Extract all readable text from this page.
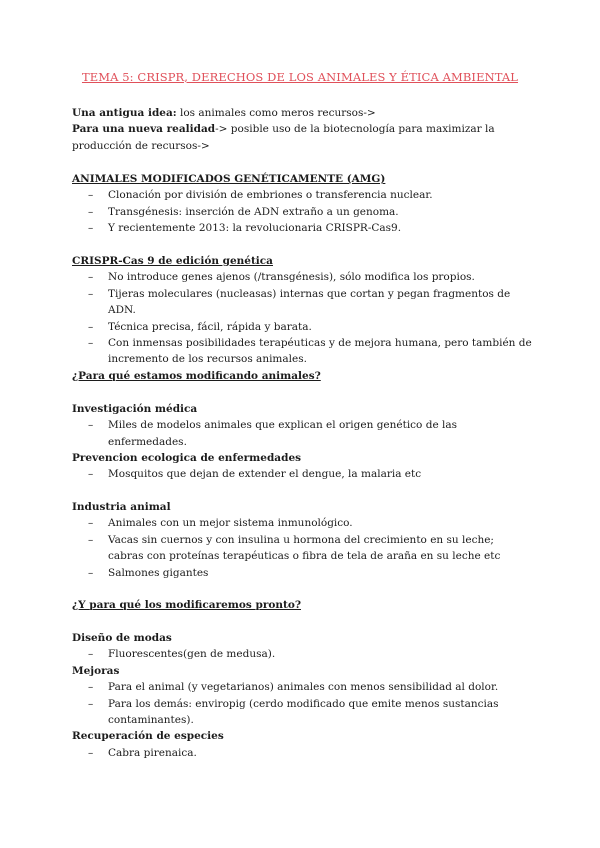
TEMA 5: CRISPR, DERECHOS DE LOS ANIMALES Y ÉTICA AMBIENTAL
Una antigua idea: los animales como meros recursos->
Para una nueva realidad-> posible uso de la biotecnología para maximizar la producción de recursos->
ANIMALES MODIFICADOS GENÉTICAMENTE (AMG)
– Clonación por división de embriones o transferencia nuclear.
– Transgénesis: inserción de ADN extraño a un genoma.
– Y recientemente 2013: la revolucionaria CRISPR-Cas9.
CRISPR-Cas 9 de edición genética
– No introduce genes ajenos (/transgénesis), sólo modifica los propios.
– Tijeras moleculares (nucleasas) internas que cortan y pegan fragmentos de ADN.
– Técnica precisa, fácil, rápida y barata.
– Con inmensas posibilidades terapéuticas y de mejora humana, pero también de incremento de los recursos animales.
¿Para qué estamos modificando animales?
Investigación médica
– Miles de modelos animales que explican el origen genético de las enfermedades.
Prevencion ecologica de enfermedades
– Mosquitos que dejan de extender el dengue, la malaria etc
Industria animal
– Animales con un mejor sistema inmunológico.
– Vacas sin cuernos y con insulina u hormona del crecimiento en su leche; cabras con proteínas terapéuticas o fibra de tela de araña en su leche etc
– Salmones gigantes
¿Y para qué los modificaremos pronto?
Diseño de modas
– Fluorescentes(gen de medusa).
Mejoras
– Para el animal (y vegetarianos) animales con menos sensibilidad al dolor.
– Para los demás: enviropig (cerdo modificado que emite menos sustancias contaminantes).
Recuperación de especies
– Cabra pirenaica.
